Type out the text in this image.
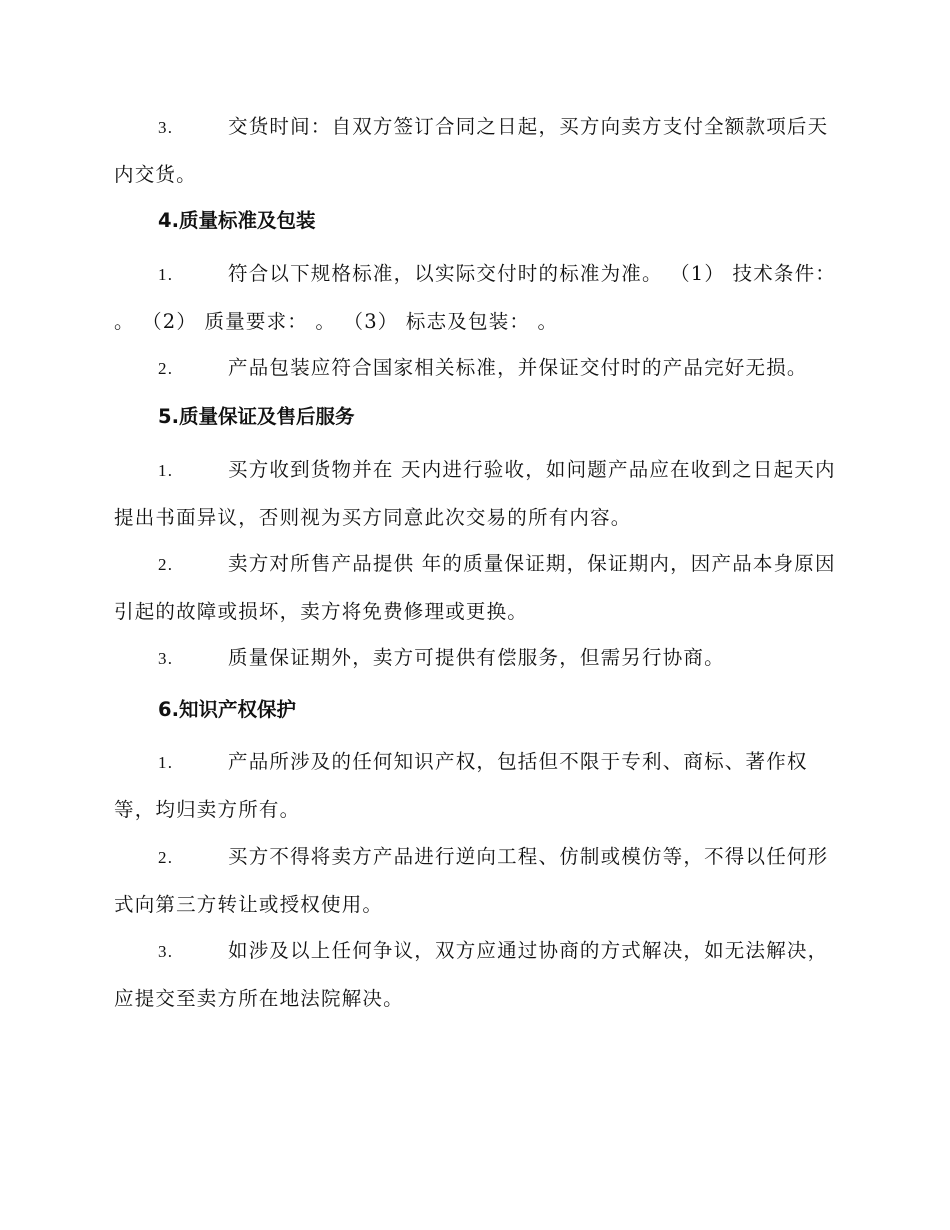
3.	交货时间：自双方签订合同之日起，买方向卖方支付全额款项后天内交货。

4.质量标准及包装

1.	符合以下规格标准，以实际交付时的标准为准。 （1） 技术条件： 。 （2） 质量要求： 。 （3） 标志及包装： 。

2.	产品包装应符合国家相关标准，并保证交付时的产品完好无损。

5.质量保证及售后服务

1.	买方收到货物并在 天内进行验收，如问题产品应在收到之日起天内提出书面异议，否则视为买方同意此次交易的所有内容。

2.	卖方对所售产品提供 年的质量保证期，保证期内，因产品本身原因引起的故障或损坏，卖方将免费修理或更换。

3.	质量保证期外，卖方可提供有偿服务，但需另行协商。

6.知识产权保护

1.	产品所涉及的任何知识产权，包括但不限于专利、商标、著作权等，均归卖方所有。

2.	买方不得将卖方产品进行逆向工程、仿制或模仿等，不得以任何形式向第三方转让或授权使用。

3.	如涉及以上任何争议，双方应通过协商的方式解决，如无法解决，应提交至卖方所在地法院解决。
